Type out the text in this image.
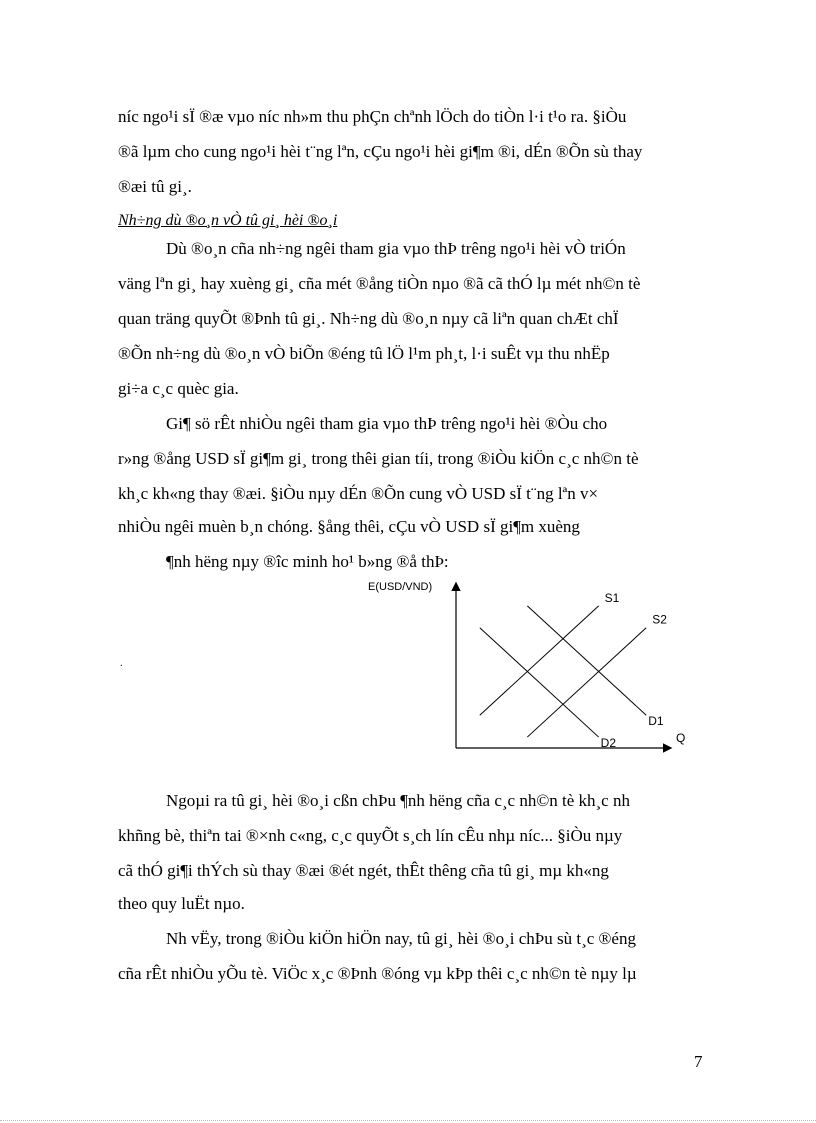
níc ngo¹i sÏ ®æ vµo níc nh»m thu phÇn chªnh lÖch do tiÒn l·i t¹o ra. §iÒu
®ã lµm cho cung ngo¹i hèi t¨ng lªn, cÇu ngo¹i hèi gi¶m ®i, dÉn ®Õn sù thay
®æi tû gi¸.
Nh÷ng dù ®o¸n vÒ tû gi¸ hèi ®o¸i
Dù ®o¸n cña nh÷ng ngêi tham gia vµo thÞ trêng ngo¹i hèi vÒ triÓn
väng lªn gi¸ hay xuèng gi¸ cña mét ®ång tiÒn nµo ®ã cã thÓ lµ mét nh©n tè
quan träng quyÕt ®Þnh tû gi¸. Nh÷ng dù ®o¸n nµy cã liªn quan chÆt chÏ
®Õn nh÷ng dù ®o¸n vÒ biÕn ®éng tû lÖ l¹m ph¸t, l·i suÊt vµ thu nhËp
gi÷a c¸c quèc gia.
Gi¶ sö rÊt nhiÒu ngêi tham gia vµo thÞ trêng ngo¹i hèi ®Òu cho
r»ng ®ång USD sÏ gi¶m gi¸ trong thêi gian tíi, trong ®iÒu kiÖn c¸c nh©n tè
kh¸c kh«ng thay ®æi. §iÒu nµy dÉn ®Õn cung vÒ USD sÏ t¨ng lªn v×
nhiÒu ngêi muèn b¸n chóng. §ång thêi, cÇu vÒ USD sÏ gi¶m xuèng
¶nh hëng nµy ®îc minh ho¹ b»ng ®å thÞ:
.
E(USD/VND)
Q
S1
S2
D1
D2
7
Ngoµi ra tû gi¸ hèi ®o¸i cßn chÞu ¶nh hëng cña c¸c nh©n tè kh¸c nh
khñng bè, thiªn tai ®×nh c«ng, c¸c quyÕt s¸ch lín cÊu nhµ níc... §iÒu nµy
cã thÓ gi¶i thÝch sù thay ®æi ®ét ngét, thÊt thêng cña tû gi¸ mµ kh«ng
theo quy luËt nµo.
Nh vËy, trong ®iÒu kiÖn hiÖn nay, tû gi¸ hèi ®o¸i chÞu sù t¸c ®éng
cña rÊt nhiÒu yÕu tè. ViÖc x¸c ®Þnh ®óng vµ kÞp thêi c¸c nh©n tè nµy lµ
